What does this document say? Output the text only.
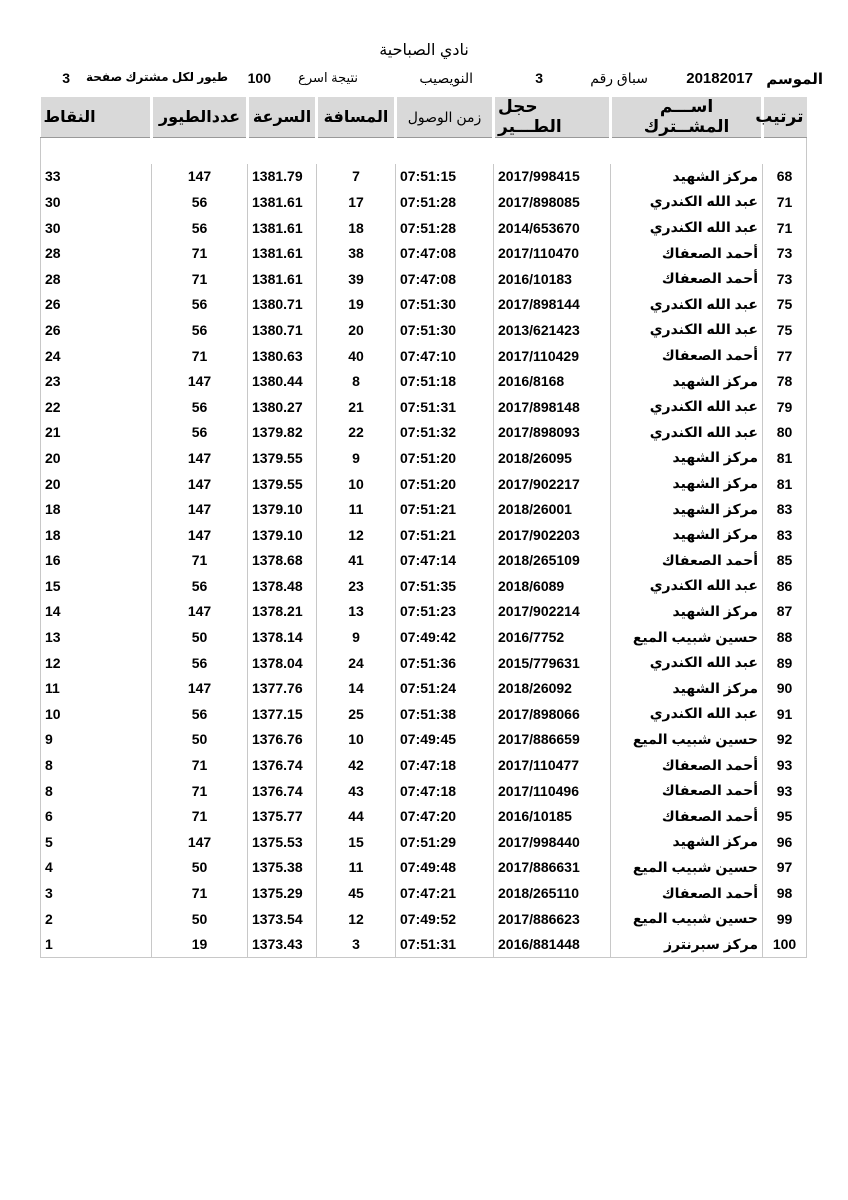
نادي الصباحية
الموسم
20182017
سباق رقم
3
النويصيب
نتيجة اسرع
100
طيور لكل مشترك صفحة
3
ترتيب	اســـم المشــترك	حجل الطـــير	زمن الوصول	المسافة	السرعة	عددالطيور	النقاط

68	مركز الشهيد	2017/998415	07:51:15	7	1381.79	147	33
71	عبد الله الكندري	2017/898085	07:51:28	17	1381.61	56	30
71	عبد الله الكندري	2014/653670	07:51:28	18	1381.61	56	30
73	أحمد الصعفاك	2017/110470	07:47:08	38	1381.61	71	28
73	أحمد الصعفاك	2016/10183	07:47:08	39	1381.61	71	28
75	عبد الله الكندري	2017/898144	07:51:30	19	1380.71	56	26
75	عبد الله الكندري	2013/621423	07:51:30	20	1380.71	56	26
77	أحمد الصعفاك	2017/110429	07:47:10	40	1380.63	71	24
78	مركز الشهيد	2016/8168	07:51:18	8	1380.44	147	23
79	عبد الله الكندري	2017/898148	07:51:31	21	1380.27	56	22
80	عبد الله الكندري	2017/898093	07:51:32	22	1379.82	56	21
81	مركز الشهيد	2018/26095	07:51:20	9	1379.55	147	20
81	مركز الشهيد	2017/902217	07:51:20	10	1379.55	147	20
83	مركز الشهيد	2018/26001	07:51:21	11	1379.10	147	18
83	مركز الشهيد	2017/902203	07:51:21	12	1379.10	147	18
85	أحمد الصعفاك	2018/265109	07:47:14	41	1378.68	71	16
86	عبد الله الكندري	2018/6089	07:51:35	23	1378.48	56	15
87	مركز الشهيد	2017/902214	07:51:23	13	1378.21	147	14
88	حسين شبيب الميع	2016/7752	07:49:42	9	1378.14	50	13
89	عبد الله الكندري	2015/779631	07:51:36	24	1378.04	56	12
90	مركز الشهيد	2018/26092	07:51:24	14	1377.76	147	11
91	عبد الله الكندري	2017/898066	07:51:38	25	1377.15	56	10
92	حسين شبيب الميع	2017/886659	07:49:45	10	1376.76	50	9
93	أحمد الصعفاك	2017/110477	07:47:18	42	1376.74	71	8
93	أحمد الصعفاك	2017/110496	07:47:18	43	1376.74	71	8
95	أحمد الصعفاك	2016/10185	07:47:20	44	1375.77	71	6
96	مركز الشهيد	2017/998440	07:51:29	15	1375.53	147	5
97	حسين شبيب الميع	2017/886631	07:49:48	11	1375.38	50	4
98	أحمد الصعفاك	2018/265110	07:47:21	45	1375.29	71	3
99	حسين شبيب الميع	2017/886623	07:49:52	12	1373.54	50	2
100	مركز سبرنترز	2016/881448	07:51:31	3	1373.43	19	1
